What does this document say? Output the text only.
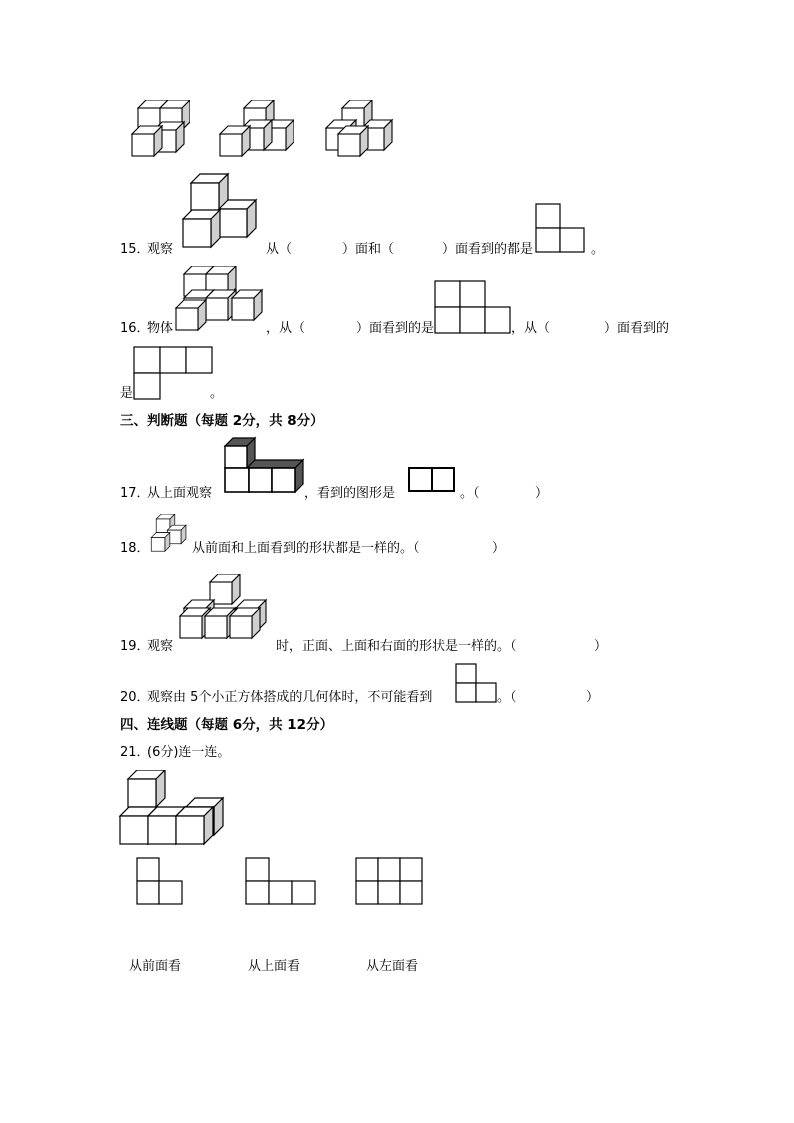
15．
观察	从（	）面和（	）面看到的都是	。
16．
物体	，从（	）面看到的是	，从（	）面看到的
是	。
三、判断题（每题 2分，共 8分）
17．
从上面观察	，看到的图形是	。（	）
18．	从前面和上面看到的形状都是一样的。（	）
19．
观察	时，正面、上面和右面的形状是一样的。（	）
20．
观察由 5个小正方体搭成的几何体时，不可能看到	。（	）
四、连线题（每题 6分，共 12分）
21．
(6分)连一连。
从前面看	从上面看	从左面看
